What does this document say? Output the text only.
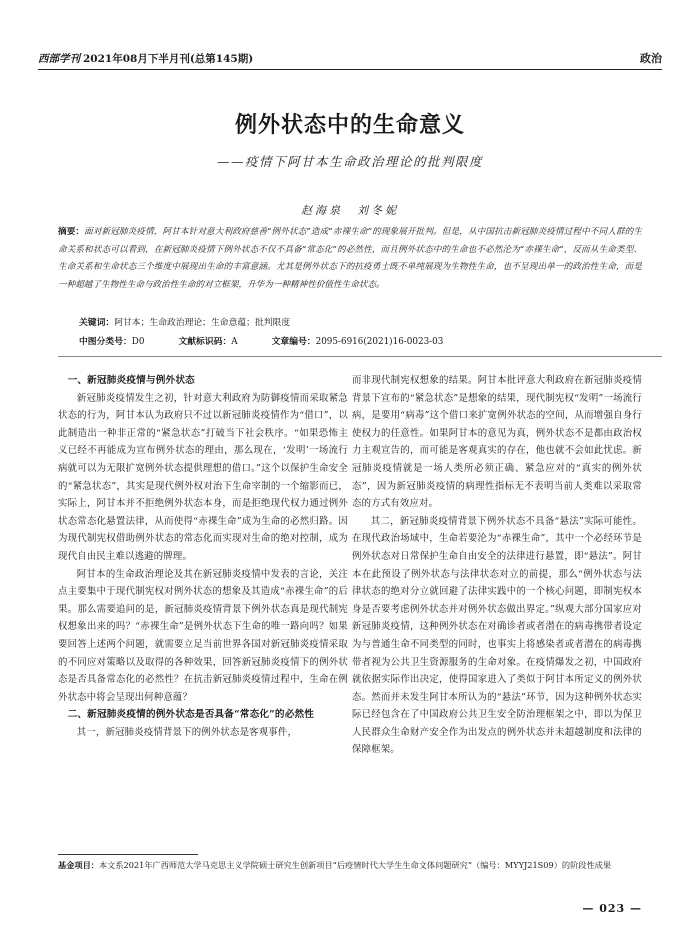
西部学刊 2021年08月下半月刊(总第145期)	政治
例外状态中的生命意义
——疫情下阿甘本生命政治理论的批判限度
赵海泉　刘冬妮
摘要：面对新冠肺炎疫情，阿甘本针对意大利政府慈善“例外状态”造成“赤裸生命”的现象展开批判。但是，从中国抗击新冠肺炎疫情过程中不同人群的生命关系和状态可以看到，在新冠肺炎疫情下例外状态不仅不具备“常态化”的必然性，而且例外状态中的生命也不必然沦为“赤裸生命”，反而从生命类型、生命关系和生命状态三个维度中展现出生命的丰富意涵。尤其是例外状态下的抗疫勇士既不单纯展现为生物性生命，也不呈现出单一的政治性生命，而是一种超越了生物性生命与政治性生命的对立框架，升华为一种精神性价值性生命状态。
关键词：阿甘本；生命政治理论；生命意蕴；批判限度
中图分类号：D0	文献标识码：A	文章编号：2095-6916(2021)16-0023-03
一、新冠肺炎疫情与例外状态

新冠肺炎疫情发生之初，针对意大利政府为防御疫情而采取紧急状态的行为，阿甘本认为政府只不过以新冠肺炎疫情作为“借口”，以此制造出一种非正常的“紧急状态”打破当下社会秩序。“如果恐怖主义已经不再能成为宣布例外状态的理由，那么现在，‘发明’一场流行病就可以为无限扩宽例外状态提供理想的借口。”这个以保护生命安全的“紧急状态”，其实是现代例外权对治下生命宰制的一个缩影而已，实际上，阿甘本并不拒绝例外状态本身，而是拒绝现代权力通过例外状态常态化悬置法律，从而使得“赤裸生命”成为生命的必然归路。因为现代制宪权借助例外状态的常态化而实现对生命的绝对控制，成为现代自由民主难以逃避的牌理。

阿甘本的生命政治理论及其在新冠肺炎疫情中发表的言论，关注点主要集中于现代制宪权对例外状态的想象及其造成“赤裸生命”的后果。那么需要追问的是，新冠肺炎疫情背景下例外状态真是现代制宪权想象出来的吗？“赤裸生命”是例外状态下生命的唯一路向吗？如果要回答上述两个问题，就需要立足当前世界各国对新冠肺炎疫情采取的不同应对策略以及取得的各种效果，回答新冠肺炎疫情下的例外状态是否具备常态化的必然性？在抗击新冠肺炎疫情过程中，生命在例外状态中将会呈现出何种意蕴？

二、新冠肺炎疫情的例外状态是否具备“常态化”的必然性

其一，新冠肺炎疫情背景下的例外状态是客观事件，

而非现代制宪权想象的结果。阿甘本批评意大利政府在新冠肺炎疫情背景下宣布的“紧急状态”是想象的结果，现代制宪权“发明”一场流行病，是要用“病毒”这个借口来扩宽例外状态的空间，从而增强自身行使权力的任意性。如果阿甘本的意见为真，例外状态不是都由政治权力主观宣告的，而可能是客观真实的存在，他也就不会如此忧虑。新冠肺炎疫情就是一场人类所必须正确、紧急应对的“真实的例外状态”，因为新冠肺炎疫情的病理性指标无不表明当前人类难以采取常态的方式有效应对。

其二，新冠肺炎疫情背景下例外状态不具备“悬法”实际可能性。在现代政治场域中，生命若要沦为“赤裸生命”，其中一个必经环节是例外状态对日常保护生命自由安全的法律进行悬置，即“悬法”。阿甘本在此预设了例外状态与法律状态对立的前提，那么“例外状态与法律状态的绝对分立就回避了法律实践中的一个核心问题，即制宪权本身是否要考虑例外状态并对例外状态做出界定。”纵观大部分国家应对新冠肺炎疫情，这种例外状态在对确诊者或者潜在的病毒携带者设定为与普通生命不同类型的同时，也事实上将感染者或者潜在的病毒携带者视为公共卫生资源服务的生命对象。在疫情爆发之初，中国政府就依据实际作出决定，使得国家进入了类似于阿甘本所定义的例外状态。然而并未发生阿甘本所认为的“悬法”环节，因为这种例外状态实际已经包含在了中国政府公共卫生安全防治理框架之中，即以为保卫人民群众生命财产安全作为出发点的例外状态并未超越制度和法律的保障框架。

基金项目：本文系2021年广西师范大学马克思主义学院硕士研究生创新项目“后疫情时代大学生生命文体问题研究”（编号：MYYJ21S09）的阶段性成果
— 023 —
